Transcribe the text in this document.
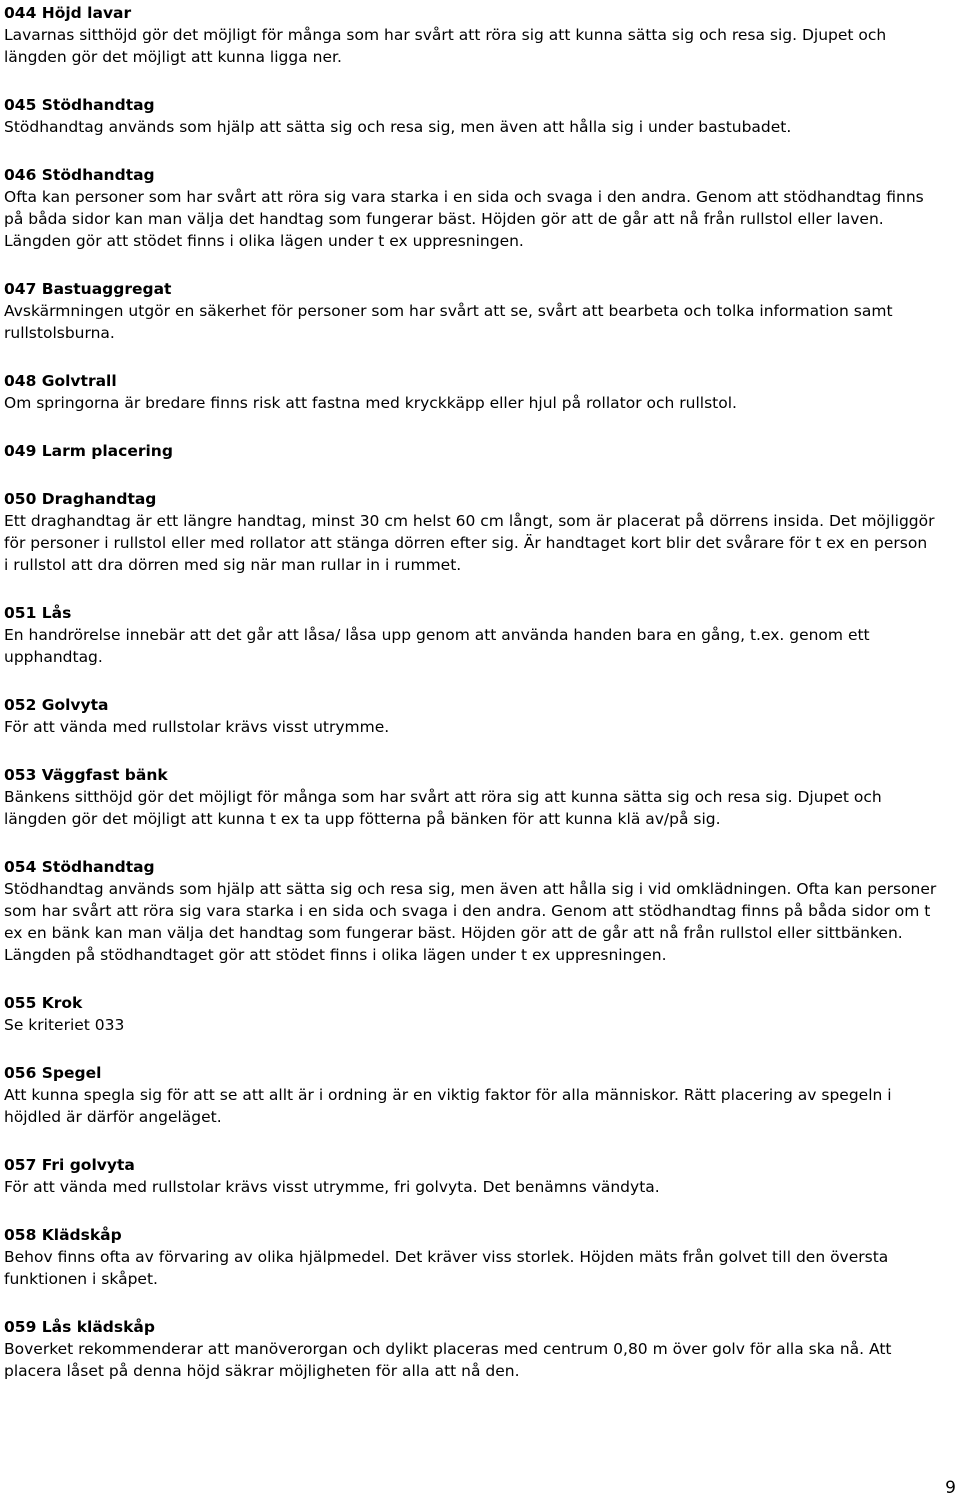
044 Höjd lavar
Lavarnas sitthöjd gör det möjligt för många som har svårt att röra sig att kunna sätta sig och resa sig. Djupet och
längden gör det möjligt att kunna ligga ner.
045 Stödhandtag
Stödhandtag används som hjälp att sätta sig och resa sig, men även att hålla sig i under bastubadet.
046 Stödhandtag
Ofta kan personer som har svårt att röra sig vara starka i en sida och svaga i den andra. Genom att stödhandtag finns
på båda sidor kan man välja det handtag som fungerar bäst. Höjden gör att de går att nå från rullstol eller laven.
Längden gör att stödet finns i olika lägen under t ex uppresningen.
047 Bastuaggregat
Avskärmningen utgör en säkerhet för personer som har svårt att se, svårt att bearbeta och tolka information samt
rullstolsburna.
048 Golvtrall
Om springorna är bredare finns risk att fastna med kryckkäpp eller hjul på rollator och rullstol.
049 Larm placering
050 Draghandtag
Ett draghandtag är ett längre handtag, minst 30 cm helst 60 cm långt, som är placerat på dörrens insida. Det möjliggör
för personer i rullstol eller med rollator att stänga dörren efter sig. Är handtaget kort blir det svårare för t ex en person
i rullstol att dra dörren med sig när man rullar in i rummet.
051 Lås
En handrörelse innebär att det går att låsa/ låsa upp genom att använda handen bara en gång, t.ex. genom ett
upphandtag.
052 Golvyta
För att vända med rullstolar krävs visst utrymme.
053 Väggfast bänk
Bänkens sitthöjd gör det möjligt för många som har svårt att röra sig att kunna sätta sig och resa sig. Djupet och
längden gör det möjligt att kunna t ex ta upp fötterna på bänken för att kunna klä av/på sig.
054 Stödhandtag
Stödhandtag används som hjälp att sätta sig och resa sig, men även att hålla sig i vid omklädningen. Ofta kan personer
som har svårt att röra sig vara starka i en sida och svaga i den andra. Genom att stödhandtag finns på båda sidor om t
ex en bänk kan man välja det handtag som fungerar bäst. Höjden gör att de går att nå från rullstol eller sittbänken.
Längden på stödhandtaget gör att stödet finns i olika lägen under t ex uppresningen.
055 Krok
Se kriteriet 033
056 Spegel
Att kunna spegla sig för att se att allt är i ordning är en viktig faktor för alla människor. Rätt placering av spegeln i
höjdled är därför angeläget.
057 Fri golvyta
För att vända med rullstolar krävs visst utrymme, fri golvyta. Det benämns vändyta.
058 Klädskåp
Behov finns ofta av förvaring av olika hjälpmedel. Det kräver viss storlek. Höjden mäts från golvet till den översta
funktionen i skåpet.
059 Lås klädskåp
Boverket rekommenderar att manöverorgan och dylikt placeras med centrum 0,80 m över golv för alla ska nå. Att
placera låset på denna höjd säkrar möjligheten för alla att nå den.
9
